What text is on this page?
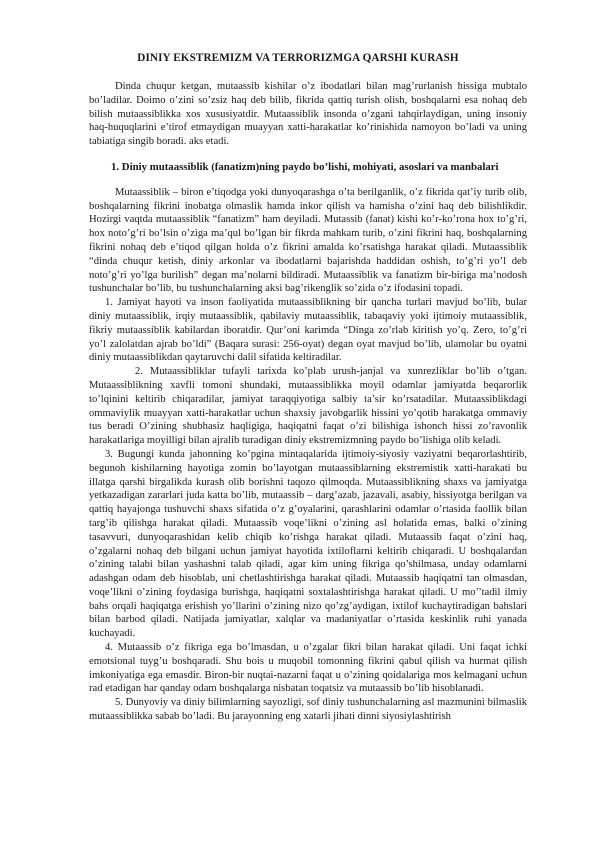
DINIY EKSTREMIZM VA TERRORIZMGA QARSHI KURASH

Dinda chuqur ketgan, mutaassib kishilar o’z ibodatlari bilan mag’rurlanish hissiga mubtalo bo’ladilar. Doimo o’zini so’zsiz haq deb bilib, fikrida qattiq turish olish, boshqalarni esa nohaq deb bilish mutaassiblikka xos xususiyatdir. Mutaassiblik insonda o’zgani tahqirlaydigan, uning insoniy haq-huquqlarini e’tirof etmaydigan muayyan xatti-harakatlar ko’rinishida namoyon bo’ladi va uning tabiatiga singib boradi. aks etadi.

1. Diniy mutaassiblik (fanatizm)ning paydo bo’lishi, mohiyati, asoslari va manbalari

Mutaassiblik – biron e’tiqodga yoki dunyoqarashga o’ta berilganlik, o’z fikrida qat’iy turib olib, boshqalarning fikrini inobatga olmaslik hamda inkor qilish va hamisha o’zini haq deb bilishlikdir. Hozirgi vaqtda mutaassiblik “fanatizm” ham deyiladi. Mutassib (fanat) kishi ko’r-ko’rona hox to’g’ri, hox noto’g’ri bo’lsin o’ziga ma’qul bo’lgan bir fikrda mahkam turib, o’zini fikrini haq, boshqalarning fikrini nohaq deb e’tiqod qilgan holda o’z fikrini amalda ko’rsatishga harakat qiladi. Mutaassiblik “dinda chuqur ketish, diniy arkonlar va ibodatlarni bajarishda haddidan oshish, to’g’ri yo’l deb noto’g’ri yo’lga burilish” degan ma’nolarni bildiradi. Mutaassiblik va fanatizm bir-biriga ma’nodosh tushunchalar bo’lib, bu tushunchalarning aksi bag’rikenglik so’zida o’z ifodasini topadi.

1. Jamiyat hayoti va inson faoliyatida mutaassiblikning bir qancha turlari mavjud bo’lib, bular diniy mutaassiblik, irqiy mutaassiblik, qabilaviy mutaassiblik, tabaqaviy yoki ijtimoiy mutaassiblik, fikriy mutaassiblik kabilardan iboratdir. Qur’oni karimda “Dinga zo’rlab kiritish yo’q. Zero, to’g’ri yo’l zalolatdan ajrab bo’ldi” (Baqara surasi: 256-oyat) degan oyat mavjud bo’lib, ulamolar bu oyatni diniy mutaassiblikdan qaytaruvchi dalil sifatida keltiradilar.

2. Mutaassibliklar tufayli tarixda ko’plab urush-janjal va xunrezliklar bo’lib o’tgan. Mutaassiblikning xavfli tomoni shundaki, mutaassiblikka moyil odamlar jamiyatda beqarorlik to’lqinini keltirib chiqaradilar, jamiyat taraqqiyotiga salbiy ta’sir ko’rsatadilar. Mutaassiblikdagi ommaviylik muayyan xatti-harakatlar uchun shaxsiy javobgarlik hissini yo’qotib harakatga ommaviy tus beradi O’zining shubhasiz haqligiga, haqiqatni faqat o’zi bilishiga ishonch hissi zo’ravonlik harakatlariga moyilligi bilan ajralib turadigan diniy ekstremizmning paydo bo’lishiga olib keladi.

3. Bugungi kunda jahonning ko’pgina mintaqalarida ijtimoiy-siyosiy vaziyatni beqarorlashtirib, begunoh kishilarning hayotiga zomin bo’layotgan mutaassiblarning ekstremistik xatti-harakati bu illatga qarshi birgalikda kurash olib borishni taqozo qilmoqda. Mutaassiblikning shaxs va jamiyatga yetkazadigan zararlari juda katta bo’lib, mutaassib – darg’azab, jazavali, asabiy, hissiyotga berilgan va qattiq hayajonga tushuvchi shaxs sifatida o’z g’oyalarini, qarashlarini odamlar o’rtasida faollik bilan targ’ib qilishga harakat qiladi. Mutaassib voqe’likni o’zining asl holatida emas, balki o’zining tasavvuri, dunyoqarashidan kelib chiqib ko’rishga harakat qiladi. Mutaassib faqat o’zini haq, o’zgalarni nohaq deb bilgani uchun jamiyat hayotida ixtiloflarni keltirib chiqaradi. U boshqalardan o’zining talabi bilan yashashni talab qiladi, agar kim uning fikriga qo’shilmasa, unday odamlarni adashgan odam deb hisoblab, uni chetlashtirishga harakat qiladi. Mutaassib haqiqatni tan olmasdan, voqe’likni o’zining foydasiga burishga, haqiqatni soxtalashtirishga harakat qiladi. U mo’’tadil ilmiy bahs orqali haqiqatga erishish yo’llarini o’zining nizo qo’zg’aydigan, ixtilof kuchaytiradigan bahslari bilan barbod qiladi. Natijada jamiyatlar, xalqlar va madaniyatlar o’rtasida keskinlik ruhi yanada kuchayadi.

4. Mutaassib o’z fikriga ega bo’lmasdan, u o’zgalar fikri bilan harakat qiladi. Uni faqat ichki emotsional tuyg’u boshqaradi. Shu bois u muqobil tomonning fikrini qabul qilish va hurmat qilish imkoniyatiga ega emasdir. Biron-bir nuqtai-nazarni faqat u o’zining qoidalariga mos kelmagani uchun rad etadigan har qanday odam boshqalarga nisbatan toqatsiz va mutaassib bo’lib hisoblanadi.

5. Dunyoviy va diniy bilimlarning sayozligi, sof diniy tushunchalarning asl mazmunini bilmaslik mutaassiblikka sabab bo’ladi. Bu jarayonning eng xatarli jihati dinni siyosiylashtirish
